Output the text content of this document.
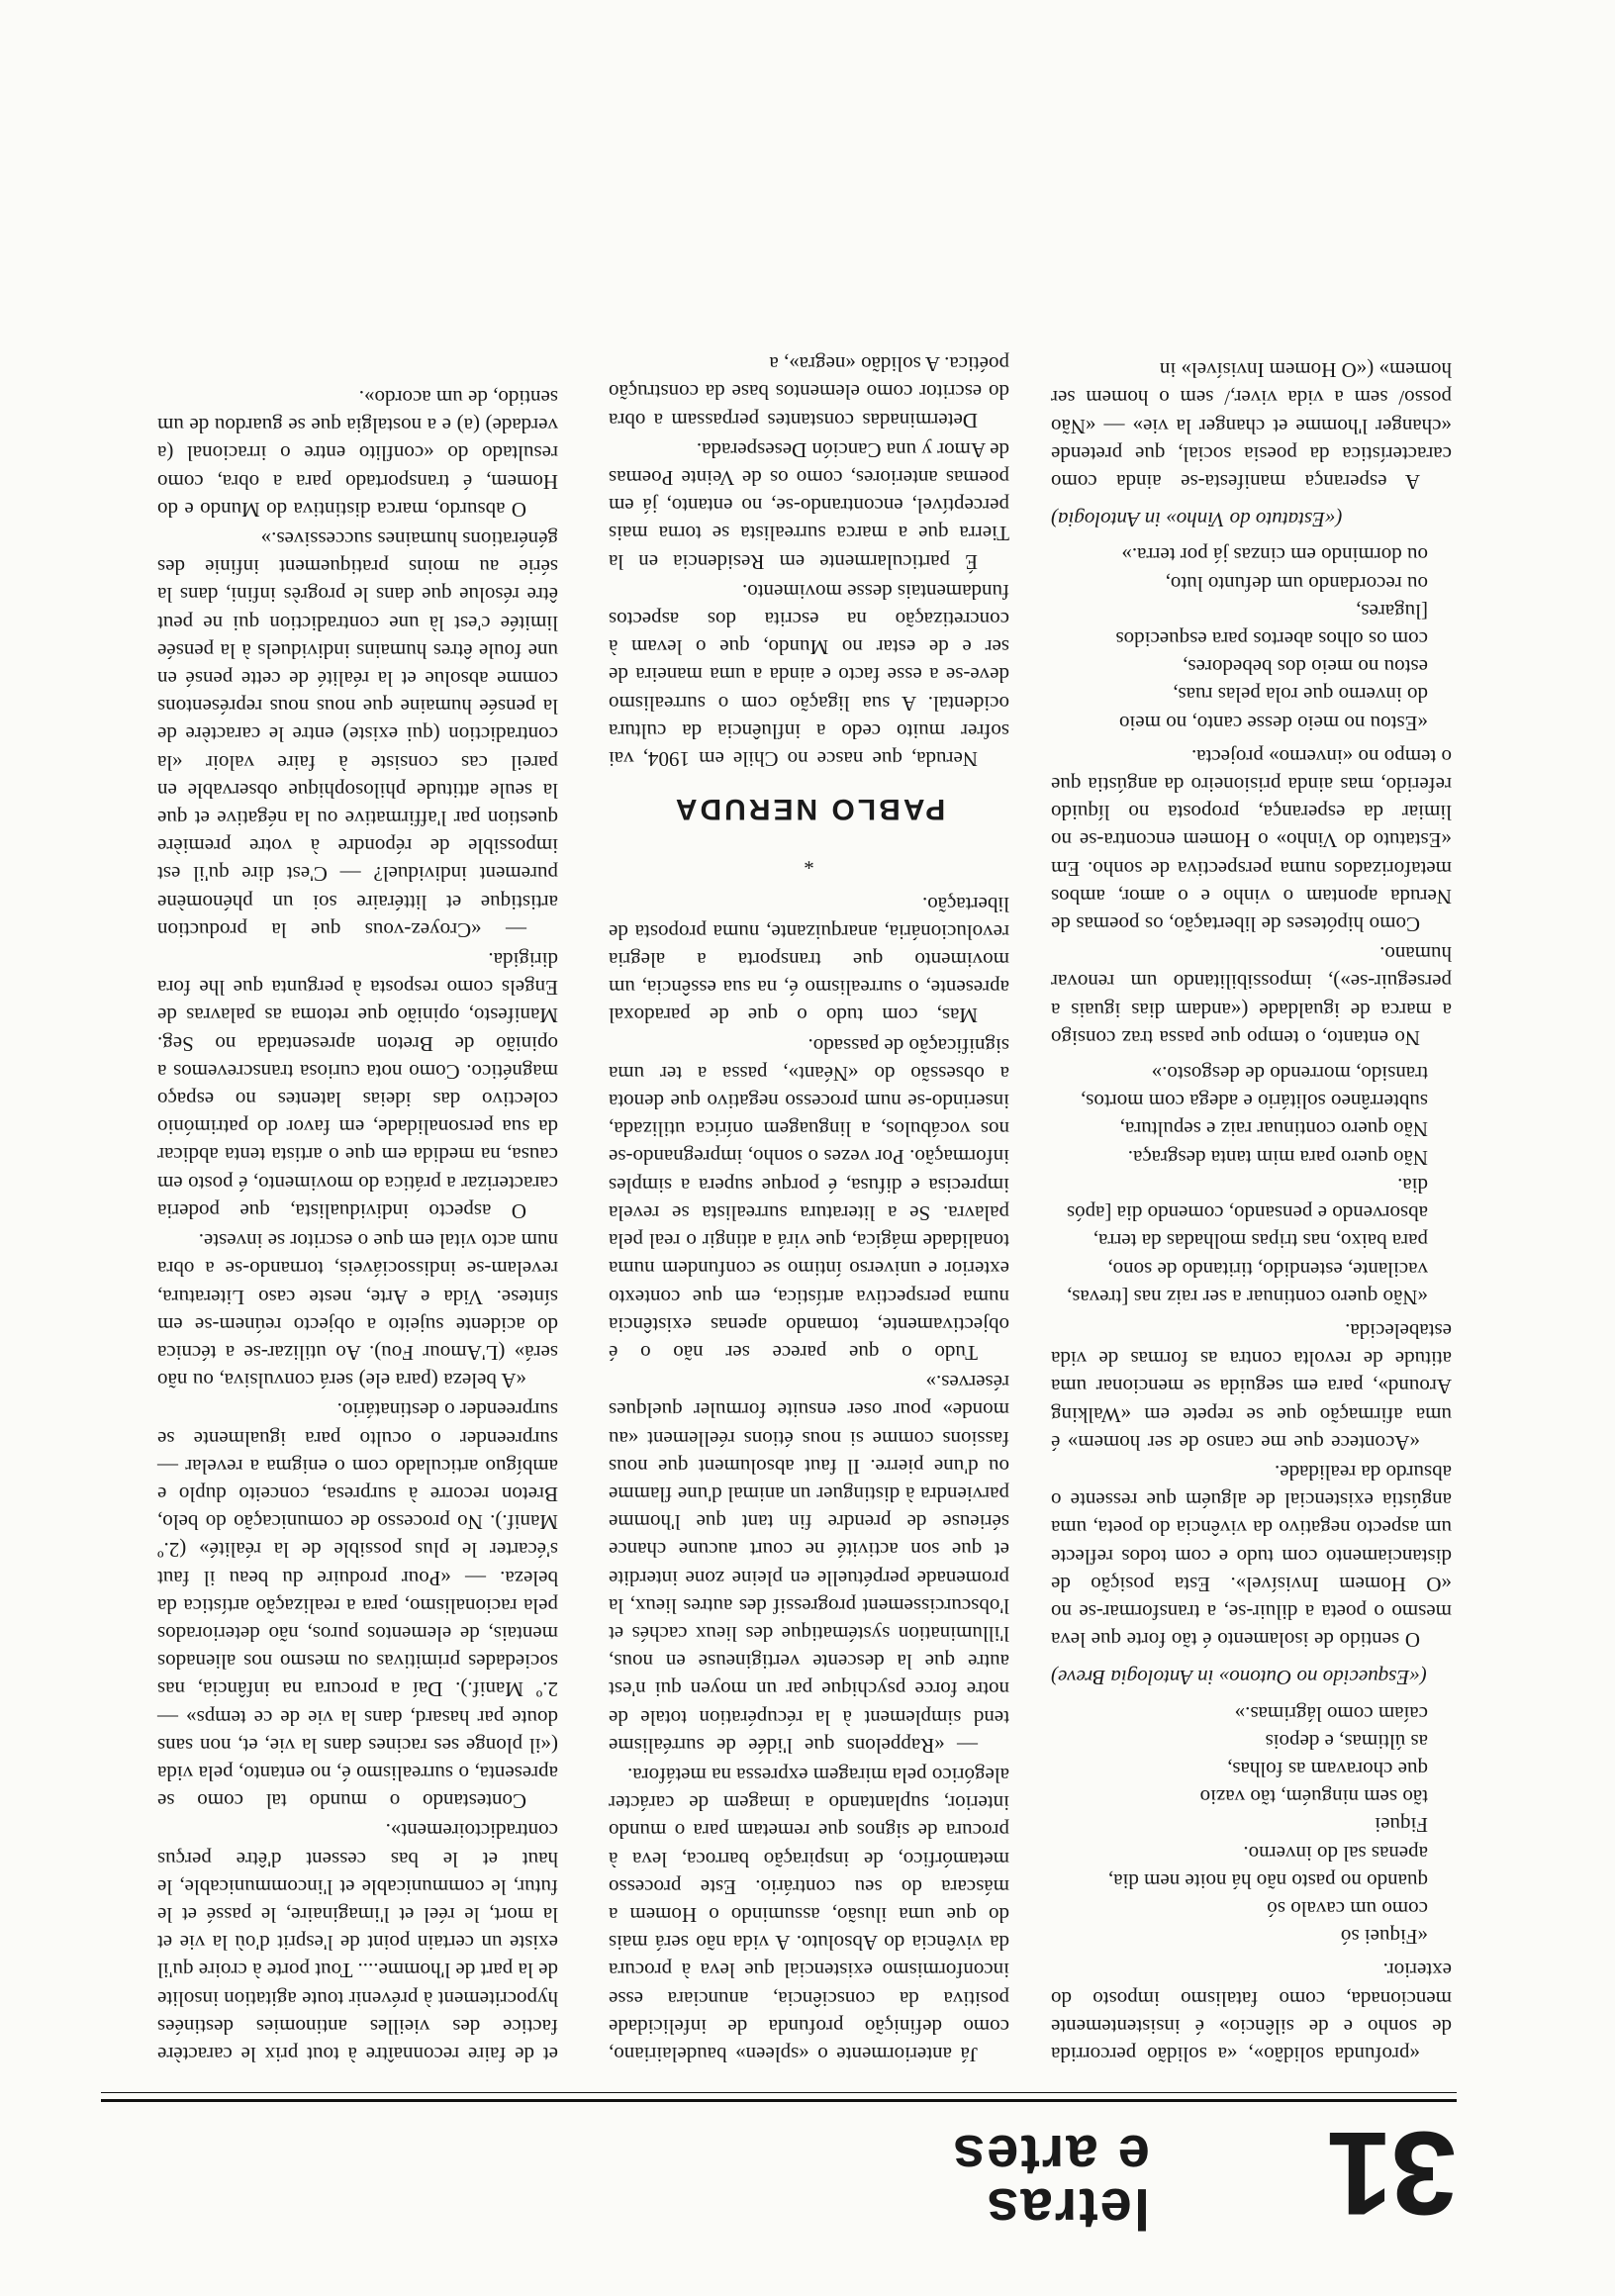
31
letras
e artes

«profunda solidão», «a solidão percorrida de sonho e de silêncio» é insistentemente mencionada, como fatalismo imposto do exterior.

«Fiquei só
como um cavalo só
quando no pasto não há noite nem dia,
apenas sal do inverno.
Fiquei
tão sem ninguém, tão vazio
que choravam as folhas,
as últimas, e depois
caíam como lágrimas.»
(«Esquecido no Outono» in Antologia Breve)

O sentido de isolamento é tão forte que leva mesmo o poeta a diluir-se, a transformar-se no «O Homem Invisível». Esta posição de distanciamento com tudo e com todos reflecte um aspecto negativo da vivência do poeta, uma angústia existencial de alguém que ressente o absurdo da realidade.

«Acontece que me canso de ser homem» é uma afirmação que se repete em «Walking Around», para em seguida se mencionar uma atitude de revolta contra as formas de vida estabelecida.

«Não quero continuar a ser raiz nas [trevas,
vacilante, estendido, tiritando de sono,
para baixo, nas tripas molhadas da terra,
absorvendo e pensando, comendo dia [após dia.
Não quero para mim tanta desgraça.
Não quero continuar raiz e sepultura,
subterrâneo solitário e adega com mortos,
transido, morrendo de desgosto.»

No entanto, o tempo que passa traz consigo a marca de igualdade («andam dias iguais a perseguir-se»), impossibilitando um renovar humano.

Como hipóteses de libertação, os poemas de Neruda apontam o vinho e o amor, ambos metaforizados numa perspectiva de sonho. Em «Estatuto do Vinho» o Homem encontra-se no limiar da esperança, proposta no líquido referido, mas ainda prisioneiro da angústia que o tempo no «inverno» projecta.

«Estou no meio desse canto, no meio
do inverno que rola pelas ruas,
estou no meio dos bebedores,
com os olhos abertos para esquecidos [lugares,
ou recordando um defunto luto,
ou dormindo em cinzas já por terra.»
(«Estatuto do Vinho» in Antologia)

A esperança manifesta-se ainda como característica da poesia social, que pretende «changer l'homme et changer la vie» — «Não posso/ sem a vida viver,/ sem o homem ser homem» («O Homem Invisível» in

Já anteriormente o «spleen» baudelairiano, como definição profunda de infelicidade positiva da consciência, anunciara esse inconformismo existencial que leva à procura da vivência do Absoluto. A vida não será mais do que uma ilusão, assumindo o Homem a máscara do seu contrário. Este processo metamórfico, de inspiração barroca, leva à procura de signos que remetam para o mundo interior, suplantando a imagem de carácter alegórico pela miragem expressa na metáfora.

— «Rappelons que l'idée de surréalisme tend simplement à la récupération totale de notre force psychique par un moyen qui n'est autre que la descente vertigineuse en nous, l'illumination systématique des lieux cachés et l'obscurcissement progressif des autres lieux, la promenade perpétuelle en pleine zone interdite et que son activité ne court aucune chance sérieuse de prendre fin tant que l'homme parviendra à distinguer un animal d'une flamme ou d'une pierre. Il faut absolument que nous fassions comme si nous étions réellement «au monde» pour oser ensuite formuler quelques réserves.»

Tudo o que parece ser não o é objectivamente, tomando apenas existência numa perspectiva artística, em que contexto exterior e universo íntimo se confundem numa tonalidade mágica, que virá a atingir o real pela palavra. Se a literatura surrealista se revela imprecisa e difusa, é porque supera a simples informação. Por vezes o sonho, impregnando-se nos vocábulos, a linguagem onírica utilizada, inserindo-se num processo negativo que denota a obsessão do «Néant», passa a ter uma significação de passado.

Mas, com tudo o que de paradoxal apresente, o surrealismo é, na sua essência, um movimento que transporta a alegria revolucionária, anarquizante, numa proposta de libertação.

*
PABLO NERUDA

Neruda, que nasce no Chile em 1904, vai sofrer muito cedo a influência da cultura ocidental. A sua ligação com o surrealismo deve-se a esse facto e ainda a uma maneira de ser e de estar no Mundo, que o levam à concretização na escrita dos aspectos fundamentais desse movimento.

É particularmente em Residencia en la Tierra que a marca surrealista se torna mais perceptível, encontrando-se, no entanto, já em poemas anteriores, como os de Veinte Poemas de Amor y una Canción Desesperada.

Determinadas constantes perpassam a obra do escritor como elementos base da construção poética. A solidão «negra», a

et de faire reconnaître à tout prix le caractère factice des vieilles antinomies destinées hypocritement à prévenir toute agitation insolite de la part de l'homme.... Tout porte à croire qu'il existe un certain point de l'esprit d'où la vie et la mort, le réel et l'imaginaire, le passé et le futur, le communicable et l'incommunicable, le haut et le bas cessent d'être perçus contradictoirement».

Contestando o mundo tal como se apresenta, o surrealismo é, no entanto, pela vida («il plonge ses racines dans la vie, et, non sans doute par hasard, dans la vie de ce temps» — 2.º Manif.). Daí a procura na infância, nas sociedades primitivas ou mesmo nos alienados mentais, de elementos puros, não deteriorados pela racionalismo, para a realização artística da beleza. — «Pour produire du beau il faut s'écarter le plus possible de la réalité» (2.º Manif.). No processo de comunicação do belo, Breton recorre à surpresa, conceito duplo e ambíguo articulado com o enigma a revelar — surpreender o oculto para igualmente se surpreender o destinatário.

«A beleza (para ele) será convulsiva, ou não será» (L'Amour Fou). Ao utilizar-se a técnica do acidente sujeito a objecto reúnem-se em síntese. Vida e Arte, neste caso Literatura, revelam-se indissociáveis, tornando-se a obra num acto vital em que o escritor se investe.

O aspecto individualista, que poderia caracterizar a prática do movimento, é posto em causa, na medida em que o artista tenta abdicar da sua personalidade, em favor do património colectivo das ideias latentes no espaço magnético. Como nota curiosa transcrevemos a opinião de Breton apresentada no Seg. Manifesto, opinião que retoma as palavras de Engels como resposta à pergunta que lhe fora dirigida.

— «Croyez-vous que la production artistique et littéraire soi un phénomène purement individuel? — C'est dire qu'il est impossible de répondre à votre première question par l'affirmative ou la négative et que la seule attitude philosophique observable en pareil cas consiste à faire valoir «la contradiction (qui existe) entre le caractère de la pensée humaine que nous nous représentons comme absolue et la réalité de cette pensé en une foule êtres humains individuels à la pensée limitée c'est là une contradiction qui ne peut être résolue que dans le progrès infini, dans la série au moins pratiquement infinie des générations humaines successives.»

O absurdo, marca distintiva do Mundo e do Homem, é transportado para a obra, como resultado do «conflito entre o irracional (a verdade) (a) e a nostalgia que se guardou de um sentido, de um acordo».
